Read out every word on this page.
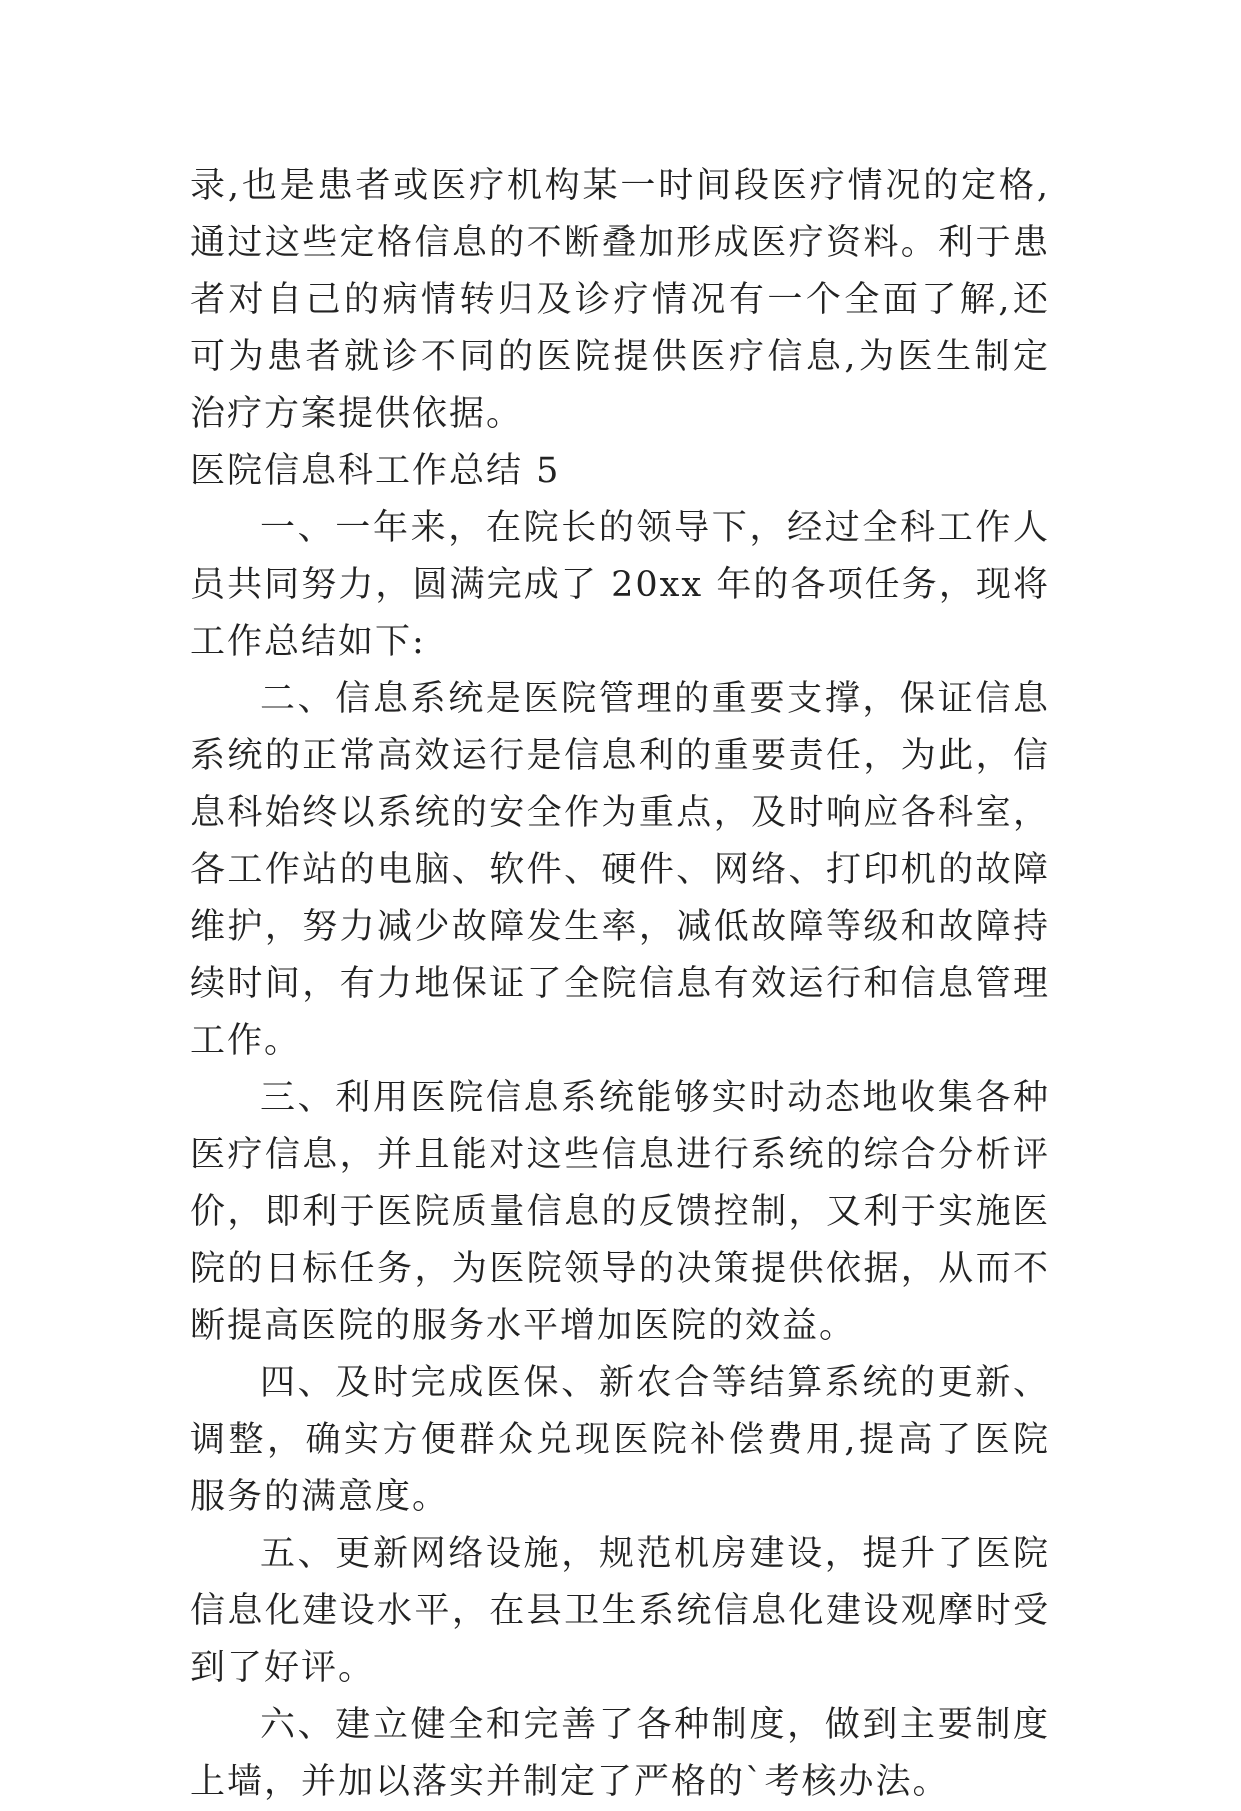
录,也是患者或医疗机构某一时间段医疗情况的定格,通过这些定格信息的不断叠加形成医疗资料。利于患者对自己的病情转归及诊疗情况有一个全面了解,还可为患者就诊不同的医院提供医疗信息,为医生制定治疗方案提供依据。

医院信息科工作总结 5

一、一年来，在院长的领导下，经过全科工作人员共同努力，圆满完成了 20xx 年的各项任务，现将工作总结如下:

二、信息系统是医院管理的重要支撑，保证信息系统的正常高效运行是信息利的重要责任，为此，信息科始终以系统的安全作为重点，及时响应各科室，各工作站的电脑、软件、硬件、网络、打印机的故障维护，努力减少故障发生率，减低故障等级和故障持续时间，有力地保证了全院信息有效运行和信息管理工作。

三、利用医院信息系统能够实时动态地收集各种医疗信息，并且能对这些信息进行系统的综合分析评价，即利于医院质量信息的反馈控制，又利于实施医院的日标任务，为医院领导的决策提供依据，从而不断提高医院的服务水平增加医院的效益。

四、及时完成医保、新农合等结算系统的更新、调整，确实方便群众兑现医院补偿费用,提高了医院服务的满意度。

五、更新网络设施，规范机房建设，提升了医院信息化建设水平，在县卫生系统信息化建设观摩时受到了好评。

六、建立健全和完善了各种制度，做到主要制度上墙，并加以落实并制定了严格的`考核办法。
